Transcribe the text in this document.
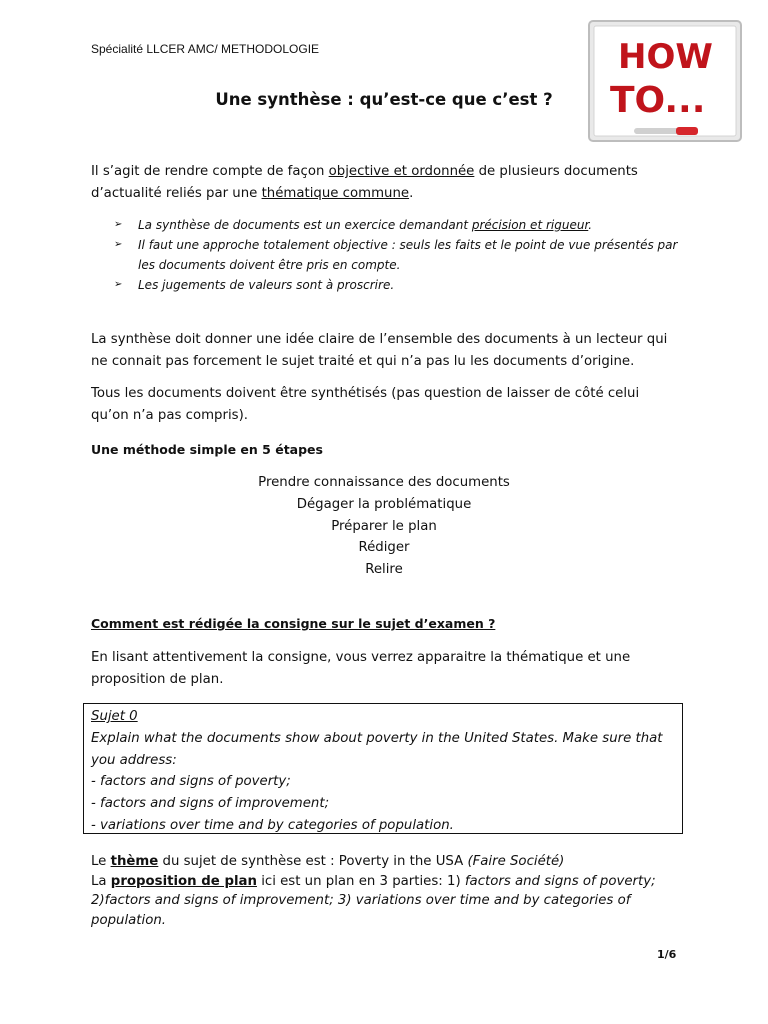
Spécialité LLCER AMC/ METHODOLOGIE	HOW
TO...
Une synthèse : qu’est-ce que c’est ?
Il s’agit de rendre compte de façon objective et ordonnée de plusieurs documents d’actualité reliés par une thématique commune.
➢	La synthèse de documents est un exercice demandant précision et rigueur.
➢	Il faut une approche totalement objective : seuls les faits et le point de vue présentés par les documents doivent être pris en compte.
➢	Les jugements de valeurs sont à proscrire.
La synthèse doit donner une idée claire de l’ensemble des documents à un lecteur qui ne connait pas forcement le sujet traité et qui n’a pas lu les documents d’origine.
Tous les documents doivent être synthétisés (pas question de laisser de côté celui qu’on n’a pas compris).
Une méthode simple en 5 étapes
Prendre connaissance des documents
Dégager la problématique
Préparer le plan
Rédiger
Relire
Comment est rédigée la consigne sur le sujet d’examen ?
En lisant attentivement la consigne, vous verrez apparaitre la thématique et une proposition de plan.
Sujet 0
Explain what the documents show about poverty in the United States. Make sure that you address:
- factors and signs of poverty;
- factors and signs of improvement;
- variations over time and by categories of population.
Le thème du sujet de synthèse est : Poverty in the USA (Faire Société)
La proposition de plan ici est un plan en 3 parties: 1) factors and signs of poverty; 2)factors and signs of improvement; 3) variations over time and by categories of population.
1/6
